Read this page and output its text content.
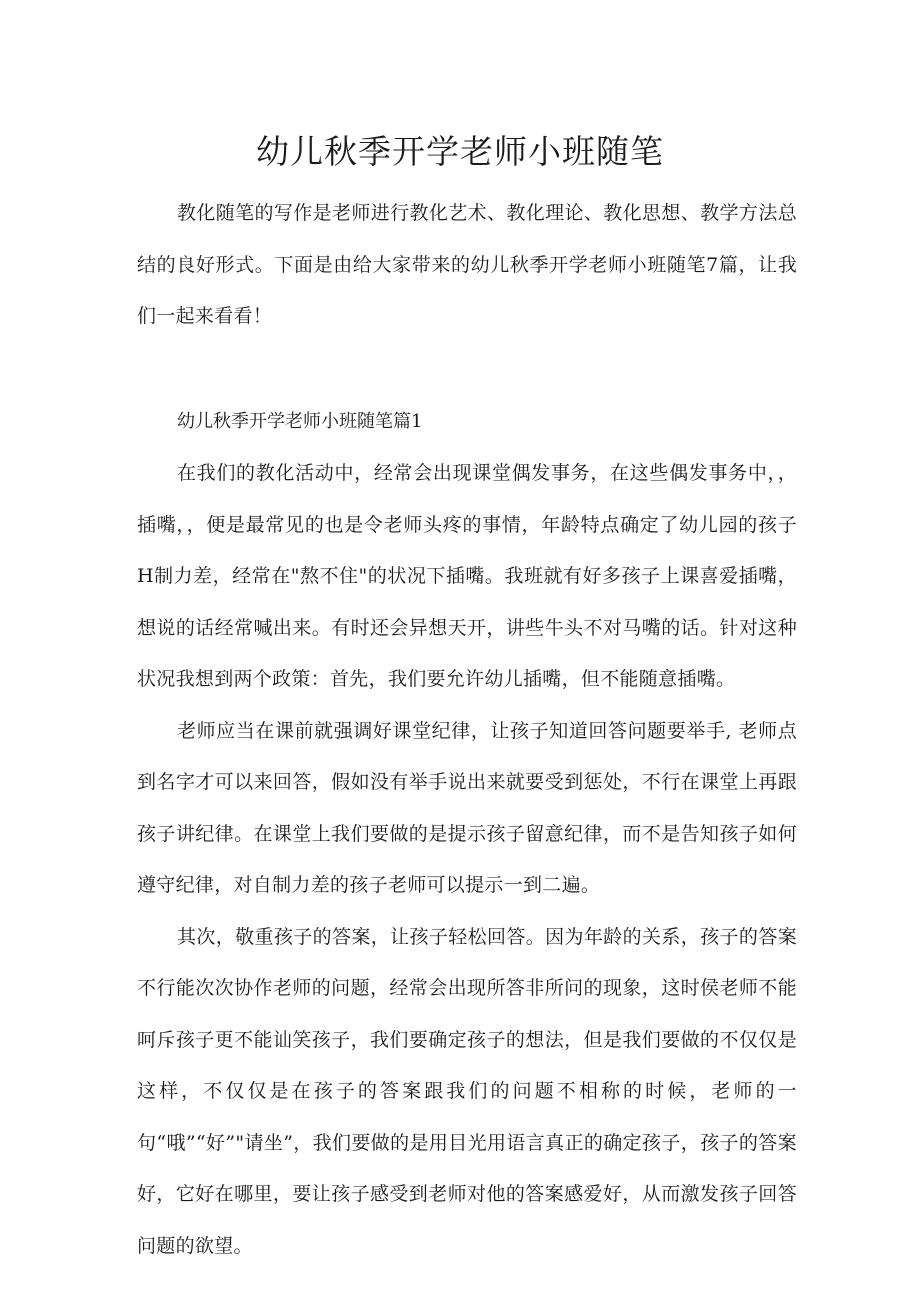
幼儿秋季开学老师小班随笔

教化随笔的写作是老师进行教化艺术、教化理论、教化思想、教学方法总结的良好形式。下面是由给大家带来的幼儿秋季开学老师小班随笔7篇，让我们一起来看看！

幼儿秋季开学老师小班随笔篇1

在我们的教化活动中，经常会出现课堂偶发事务，在这些偶发事务中，，插嘴，，便是最常见的也是令老师头疼的事情，年龄特点确定了幼儿园的孩子H制力差，经常在"熬不住"的状况下插嘴。我班就有好多孩子上课喜爱插嘴，想说的话经常喊出来。有时还会异想天开，讲些牛头不对马嘴的话。针对这种状况我想到两个政策：首先，我们要允许幼儿插嘴，但不能随意插嘴。

老师应当在课前就强调好课堂纪律，让孩子知道回答问题要举手, 老师点到名字才可以来回答，假如没有举手说出来就要受到惩处，不行在课堂上再跟孩子讲纪律。在课堂上我们要做的是提示孩子留意纪律，而不是告知孩子如何遵守纪律，对自制力差的孩子老师可以提示一到二遍。

其次，敬重孩子的答案，让孩子轻松回答。因为年龄的关系，孩子的答案不行能次次协作老师的问题，经常会出现所答非所问的现象，这时侯老师不能呵斥孩子更不能讪笑孩子，我们要确定孩子的想法，但是我们要做的不仅仅是这样，不仅仅是在孩子的答案跟我们的问题不相称的时候，老师的一句“哦”“好”"请坐”，我们要做的是用目光用语言真正的确定孩子，孩子的答案好，它好在哪里，要让孩子感受到老师对他的答案感爱好，从而激发孩子回答问题的欲望。
